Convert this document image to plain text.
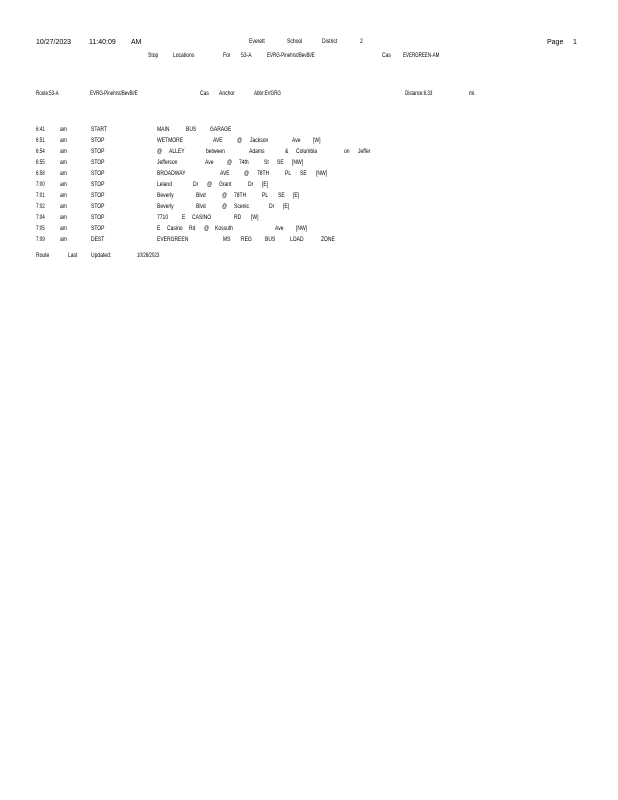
10/27/2023	11:40:09 AM	Everett	School	District	2	Page 1
Stop Locations	For 53-A EVRG-Pinehrst/BevBl/E	Cas EVERGREEN-AM
Route:53-A	EVRG-Pinehrst/BevBl/E	Cas Anchor	Abbr:EVGRG	Distance:6.33	mi.
6:41 am	START	MAIN	BUS GARAGE
6:51 am	STOP	WETMORE	AVE @ Jackson	Ave [W]
6:54 am	STOP	@ ALLEY	between	Adams	& Columbia	on Jeffer
6:55 am	STOP	Jefferson	Ave @ 74th St SE [NW]
6:58 am	STOP	BROADWAY	AVE @ 78TH PL SE [NW]
7:00 am	STOP	Leland	Dr @ Grant	Dr [E]
7:01 am	STOP	Beverly	Blvd	@ 78TH PL SE [E]
7:02 am	STOP	Beverly	Blvd	@ Scenic	Dr [E]
7:04 am	STOP	7710 E CASINO	RD [W]
7:05 am	STOP	E Casino Rd @ Kossuth	Ave [NW]
7:09 am	DEST	EVERGREEN	MS REG BUS LOAD	ZONE
Route	Last Updated:	10/26/2023
